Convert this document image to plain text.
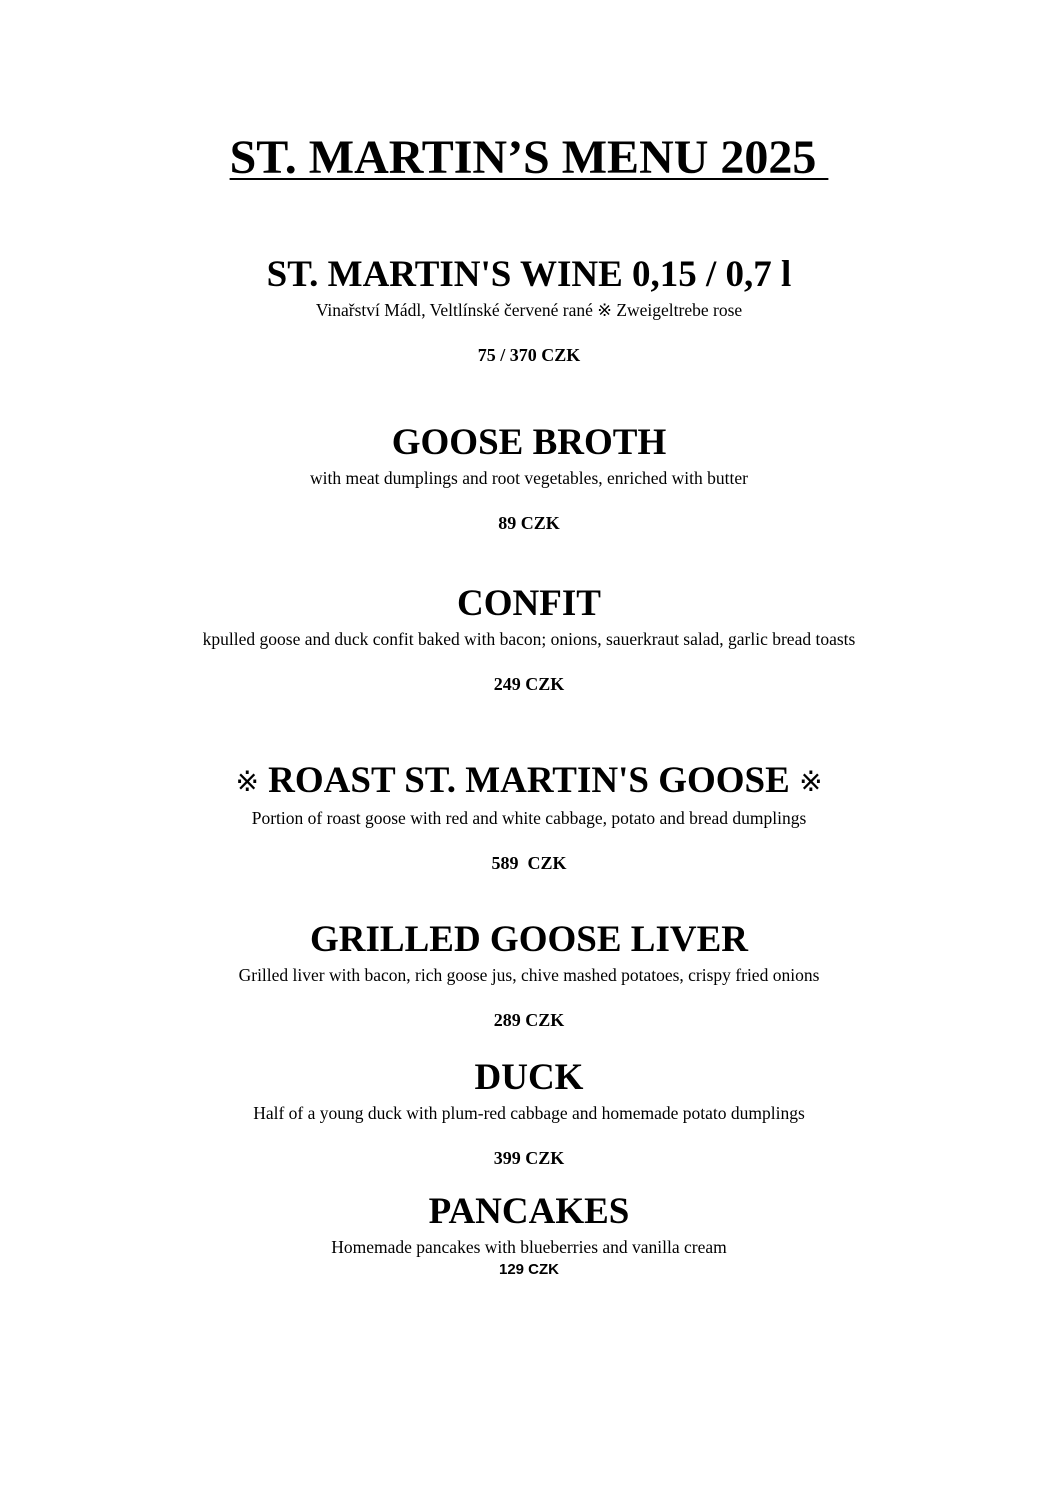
ST. MARTIN’S MENU 2025
ST. MARTIN'S WINE 0,15 / 0,7 l
Vinařství Mádl, Veltlínské červené rané ※ Zweigeltrebe rose
75 / 370 CZK
GOOSE BROTH
with meat dumplings and root vegetables, enriched with butter
89 CZK
CONFIT
kpulled goose and duck confit baked with bacon; onions, sauerkraut salad, garlic bread toasts
249 CZK
※ ROAST ST. MARTIN'S GOOSE ※
Portion of roast goose with red and white cabbage, potato and bread dumplings
589  CZK
GRILLED GOOSE LIVER
Grilled liver with bacon, rich goose jus, chive mashed potatoes, crispy fried onions
289 CZK
DUCK
Half of a young duck with plum-red cabbage and homemade potato dumplings
399 CZK
PANCAKES
Homemade pancakes with blueberries and vanilla cream
129 CZK
